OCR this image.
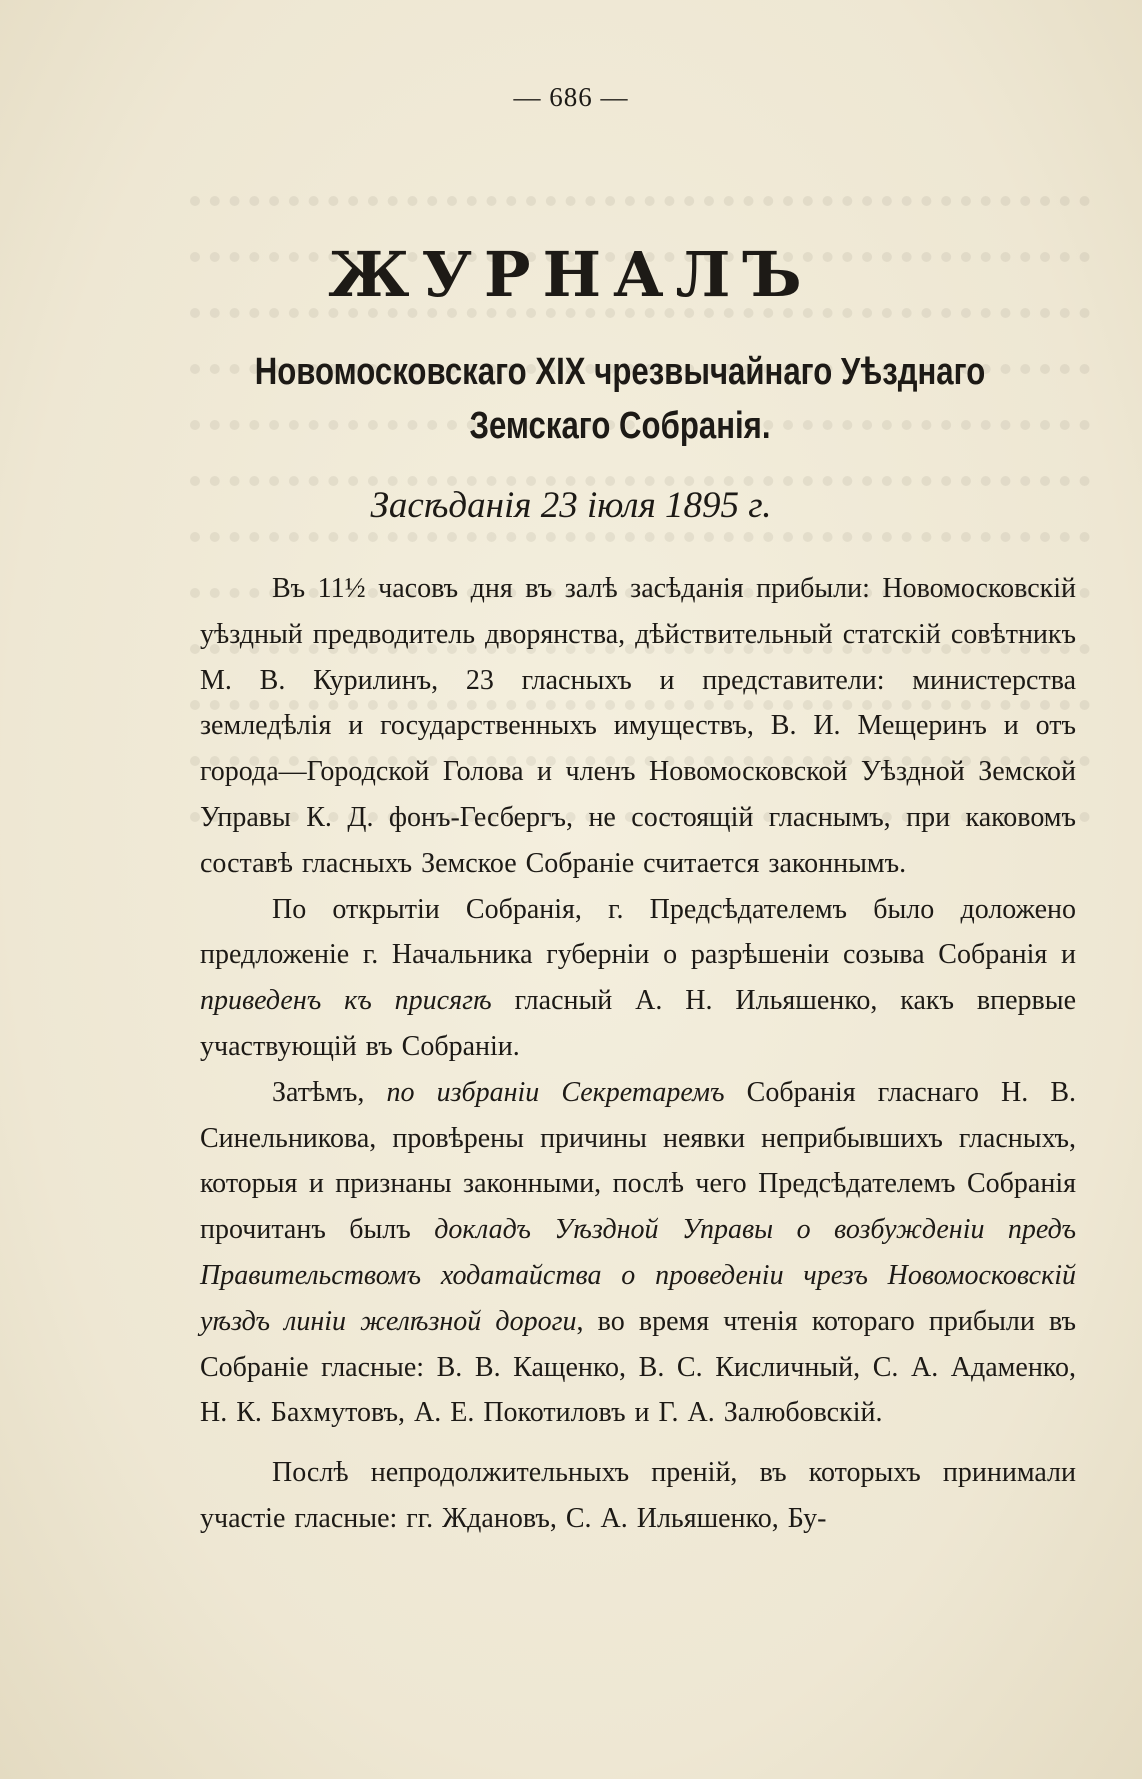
— 686 —
ЖУРНАЛЪ
Новомосковскаго XIX чрезвычайнаго Уѣзднаго
Земскаго Собранія.
Засѣданія 23 іюля 1895 г.

Въ 11½ часовъ дня въ залѣ засѣданія прибыли: Новомосковскій уѣздный предводитель дворянства, дѣйствительный статскій совѣтникъ М. В. Курилинъ, 23 гласныхъ и представители: министерства земледѣлія и государственныхъ имуществъ, В. И. Мещеринъ и отъ города—Городской Голова и членъ Новомосковской Уѣздной Земской Управы К. Д. фонъ-Гесбергъ, не состоящій гласнымъ, при каковомъ составѣ гласныхъ Земское Собраніе считается законнымъ.

По открытіи Собранія, г. Предсѣдателемъ было доложено предложеніе г. Начальника губерніи о разрѣшеніи созыва Собранія и приведенъ къ присягѣ гласный А. Н. Ильяшенко, какъ впервые участвующій въ Собраніи.

Затѣмъ, по избраніи Секретаремъ Собранія гласнаго Н. В. Синельникова, провѣрены причины неявки неприбывшихъ гласныхъ, которыя и признаны законными, послѣ чего Предсѣдателемъ Собранія прочитанъ былъ докладъ Уѣздной Управы о возбужденіи предъ Правительствомъ ходатайства о проведеніи чрезъ Новомосковскій уѣздъ линіи желѣзной дороги, во время чтенія котораго прибыли въ Собраніе гласные: В. В. Кащенко, В. С. Кисличный, С. А. Адаменко, Н. К. Бахмутовъ, А. Е. Покотиловъ и Г. А. Залюбовскій.

Послѣ непродолжительныхъ преній, въ которыхъ принимали участіе гласные: гг. Ждановъ, С. А. Ильяшенко, Бу-
